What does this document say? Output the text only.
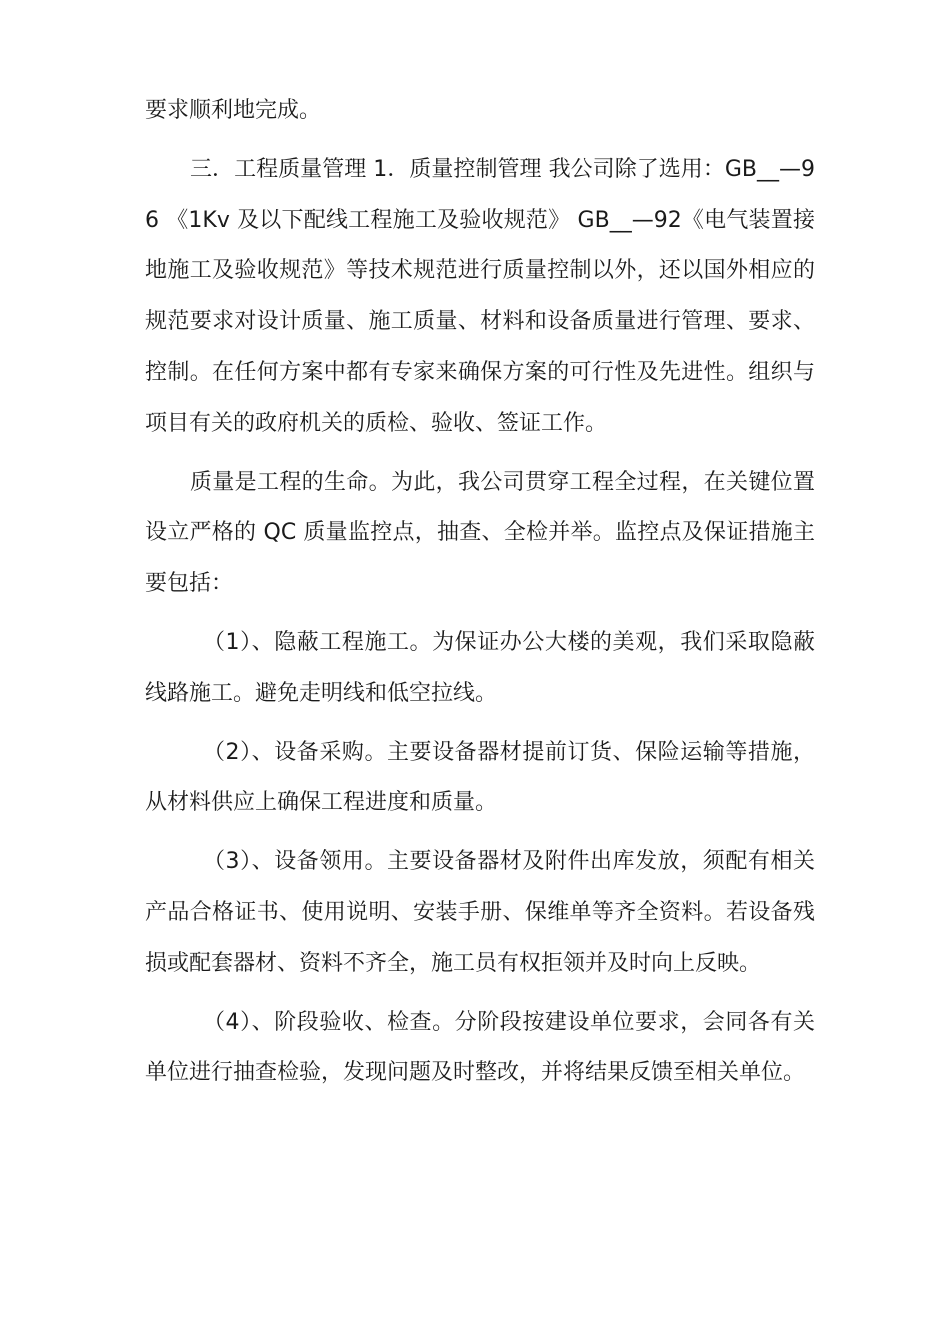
要求顺利地完成。

三．工程质量管理 1．质量控制管理 我公司除了选用：GB__—96 《1Kv 及以下配线工程施工及验收规范》 GB__—92《电气装置接地施工及验收规范》等技术规范进行质量控制以外，还以国外相应的规范要求对设计质量、施工质量、材料和设备质量进行管理、要求、控制。在任何方案中都有专家来确保方案的可行性及先进性。组织与项目有关的政府机关的质检、验收、签证工作。

质量是工程的生命。为此，我公司贯穿工程全过程，在关键位置设立严格的 QC 质量监控点，抽查、全检并举。监控点及保证措施主要包括：

（1）、隐蔽工程施工。为保证办公大楼的美观，我们采取隐蔽线路施工。避免走明线和低空拉线。

（2）、设备采购。主要设备器材提前订货、保险运输等措施，从材料供应上确保工程进度和质量。

（3）、设备领用。主要设备器材及附件出库发放，须配有相关产品合格证书、使用说明、安装手册、保维单等齐全资料。若设备残损或配套器材、资料不齐全，施工员有权拒领并及时向上反映。

（4）、阶段验收、检查。分阶段按建设单位要求，会同各有关单位进行抽查检验，发现问题及时整改，并将结果反馈至相关单位。
